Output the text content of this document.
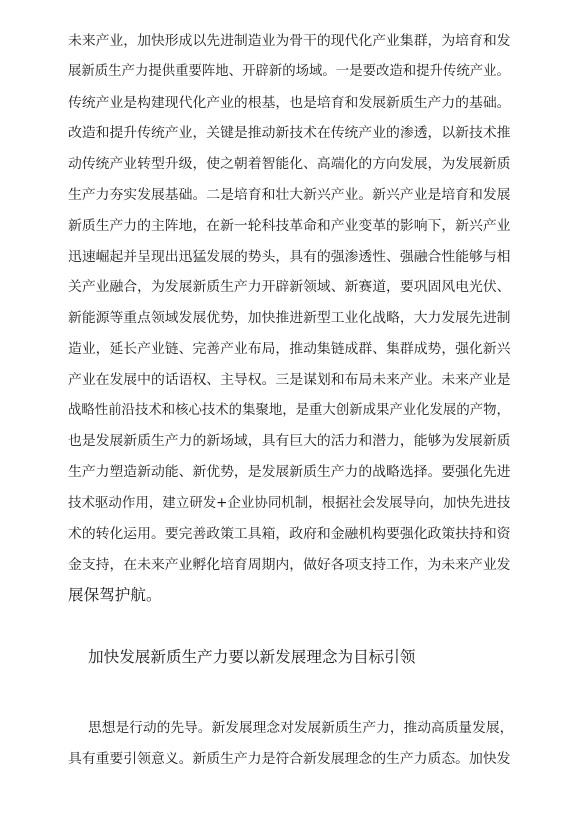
未来产业，加快形成以先进制造业为骨干的现代化产业集群，为培育和发
展新质生产力提供重要阵地、开辟新的场域。一是要改造和提升传统产业。
传统产业是构建现代化产业的根基，也是培育和发展新质生产力的基础。
改造和提升传统产业，关键是推动新技术在传统产业的渗透，以新技术推
动传统产业转型升级，使之朝着智能化、高端化的方向发展，为发展新质
生产力夯实发展基础。二是培育和壮大新兴产业。新兴产业是培育和发展
新质生产力的主阵地，在新一轮科技革命和产业变革的影响下，新兴产业
迅速崛起并呈现出迅猛发展的势头，具有的强渗透性、强融合性能够与相
关产业融合，为发展新质生产力开辟新领域、新赛道，要巩固风电光伏、
新能源等重点领域发展优势，加快推进新型工业化战略，大力发展先进制
造业，延长产业链、完善产业布局，推动集链成群、集群成势，强化新兴
产业在发展中的话语权、主导权。三是谋划和布局未来产业。未来产业是
战略性前沿技术和核心技术的集聚地，是重大创新成果产业化发展的产物，
也是发展新质生产力的新场域，具有巨大的活力和潜力，能够为发展新质
生产力塑造新动能、新优势，是发展新质生产力的战略选择。要强化先进
技术驱动作用，建立研发+企业协同机制，根据社会发展导向，加快先进技
术的转化运用。要完善政策工具箱，政府和金融机构要强化政策扶持和资
金支持，在未来产业孵化培育周期内，做好各项支持工作，为未来产业发
展保驾护航。
加快发展新质生产力要以新发展理念为目标引领
思想是行动的先导。新发展理念对发展新质生产力，推动高质量发展，
具有重要引领意义。新质生产力是符合新发展理念的生产力质态。加快发
